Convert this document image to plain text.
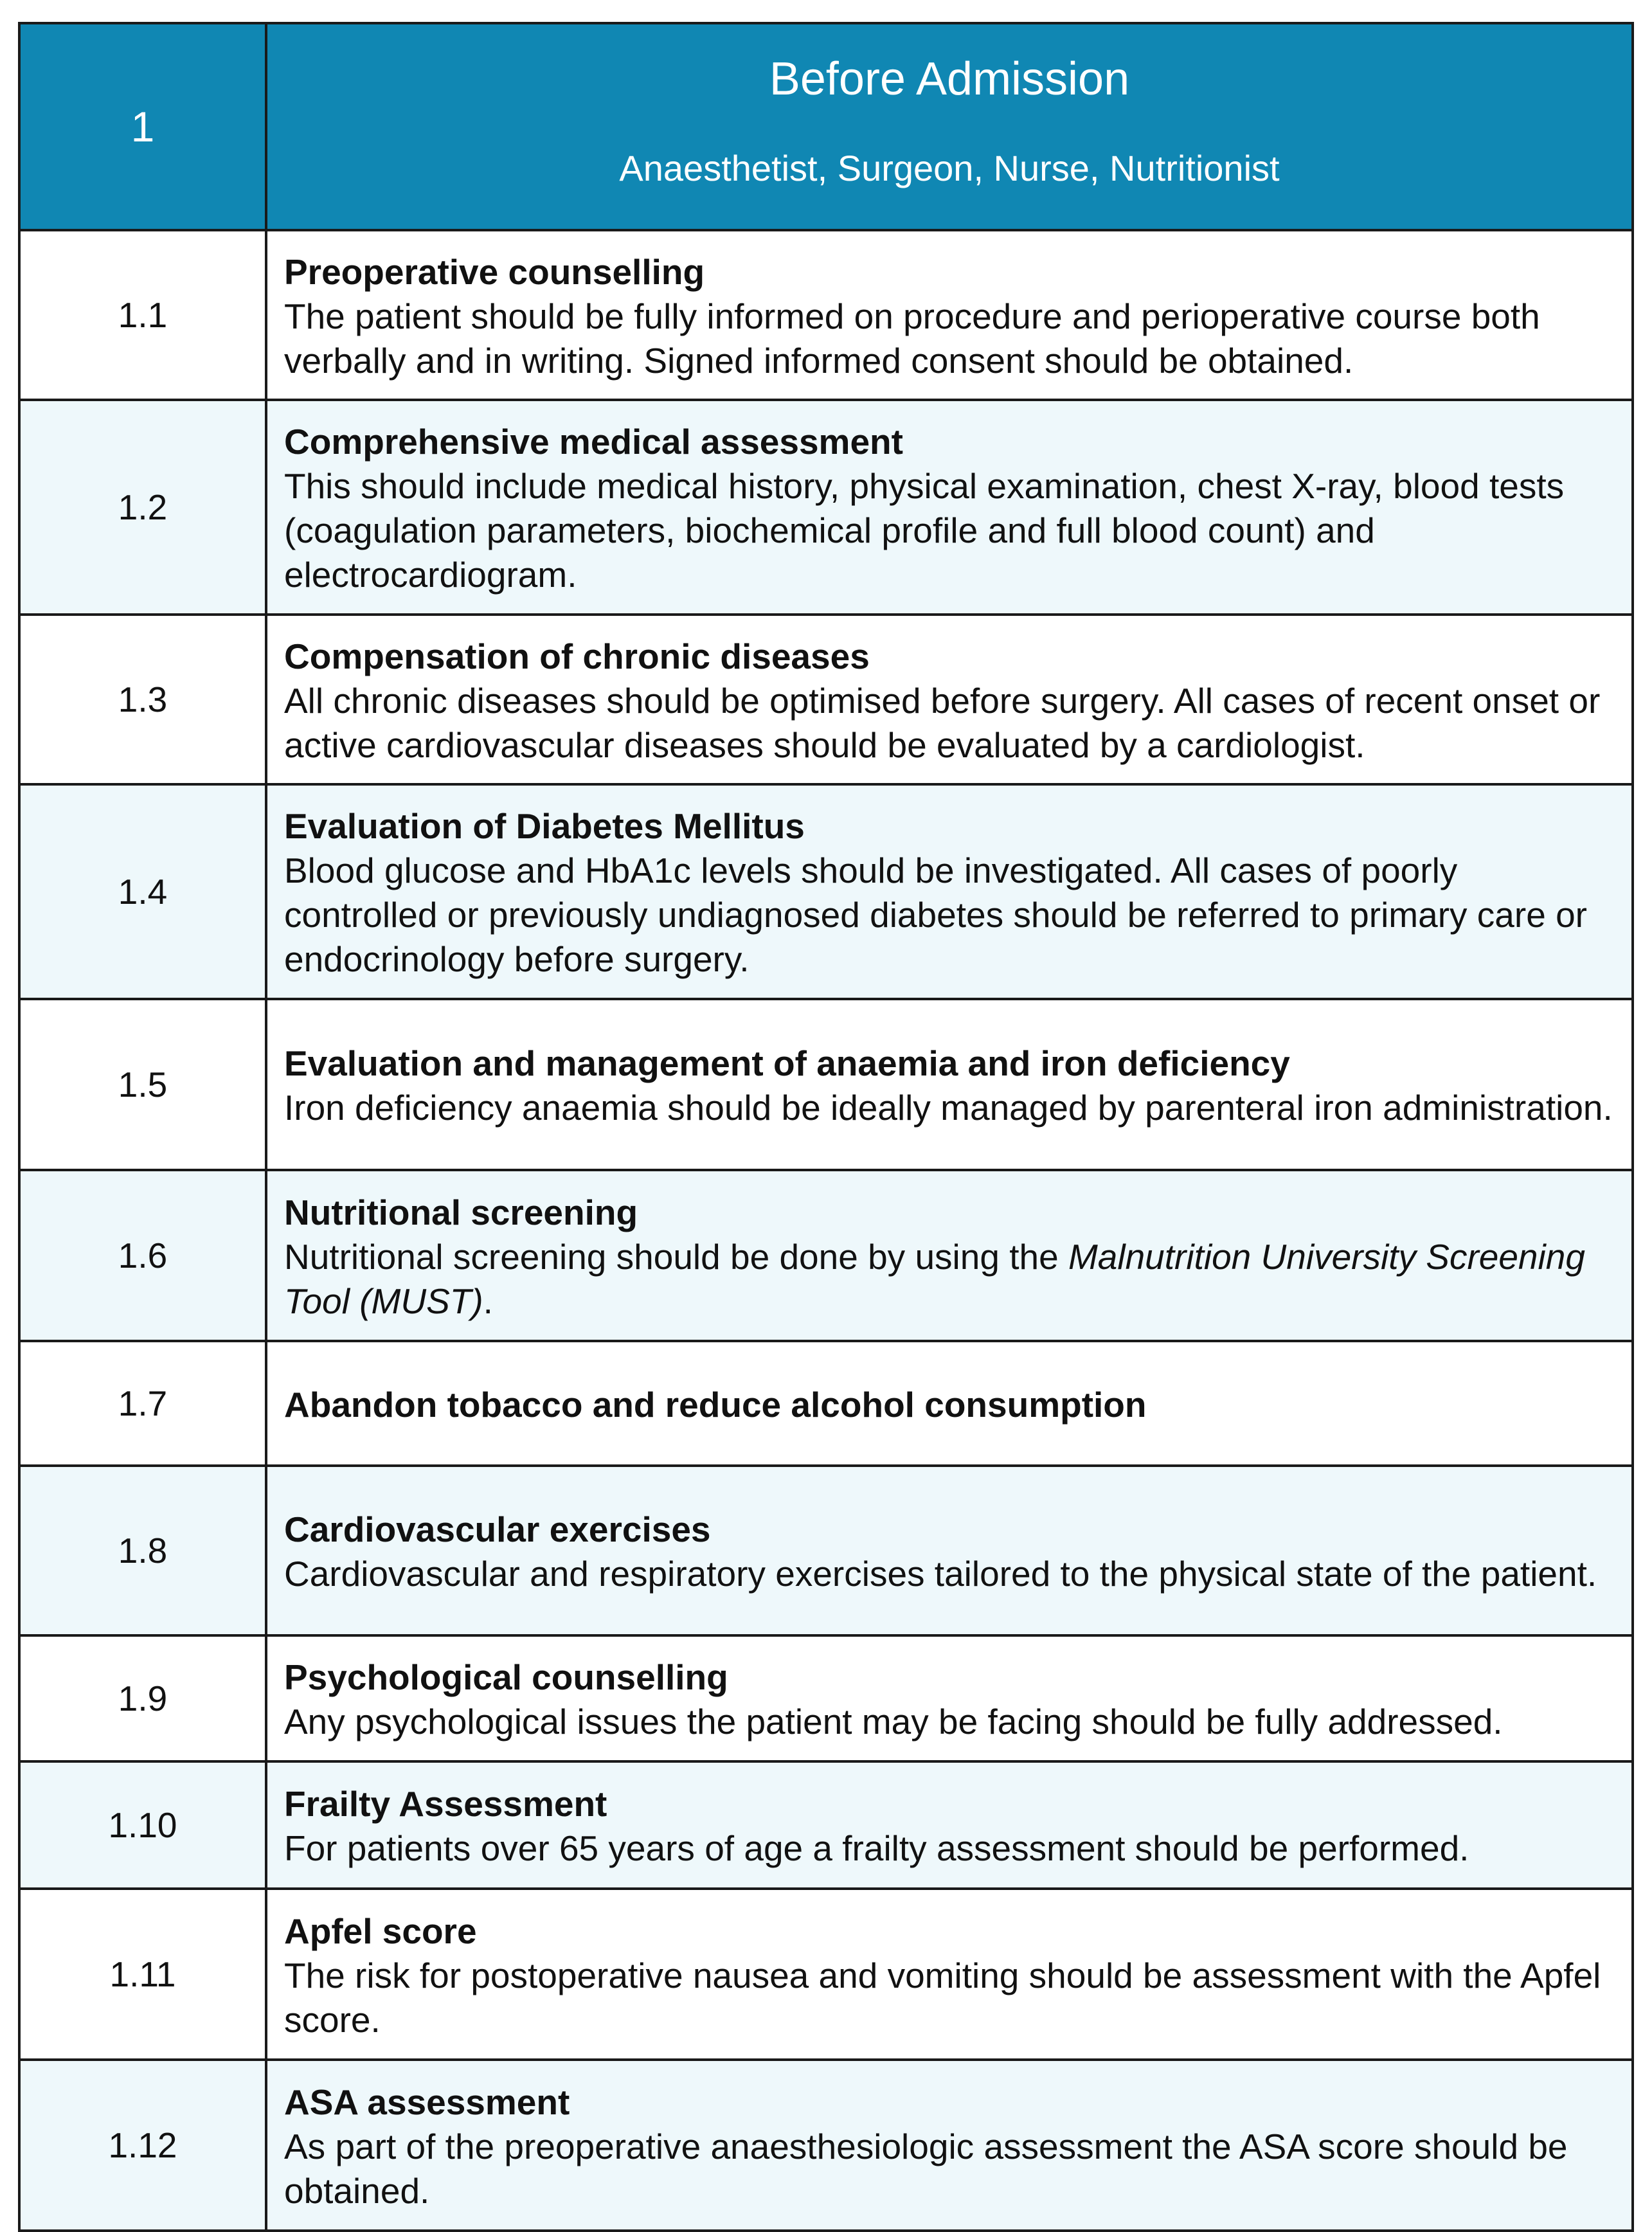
1	Before Admission
Anaesthetist, Surgeon, Nurse, Nutritionist

1.1	Preoperative counselling
The patient should be fully informed on procedure and perioperative course both verbally and in writing. Signed informed consent should be obtained.

1.2	Comprehensive medical assessment
This should include medical history, physical examination, chest X-ray, blood tests (coagulation parameters, biochemical profile and full blood count) and electrocardiogram.

1.3	Compensation of chronic diseases
All chronic diseases should be optimised before surgery. All cases of recent onset or active cardiovascular diseases should be evaluated by a cardiologist.

1.4	Evaluation of Diabetes Mellitus
Blood glucose and HbA1c levels should be investigated. All cases of poorly controlled or previously undiagnosed diabetes should be referred to primary care or endocrinology before surgery.

1.5	Evaluation and management of anaemia and iron deficiency
Iron deficiency anaemia should be ideally managed by parenteral iron administration.

1.6	Nutritional screening
Nutritional screening should be done by using the Malnutrition University Screening Tool (MUST).

1.7	Abandon tobacco and reduce alcohol consumption

1.8	Cardiovascular exercises
Cardiovascular and respiratory exercises tailored to the physical state of the patient.

1.9	Psychological counselling
Any psychological issues the patient may be facing should be fully addressed.

1.10	Frailty Assessment
For patients over 65 years of age a frailty assessment should be performed.

1.11	Apfel score
The risk for postoperative nausea and vomiting should be assessment with the Apfel score.

1.12	ASA assessment
As part of the preoperative anaesthesiologic assessment the ASA score should be obtained.
